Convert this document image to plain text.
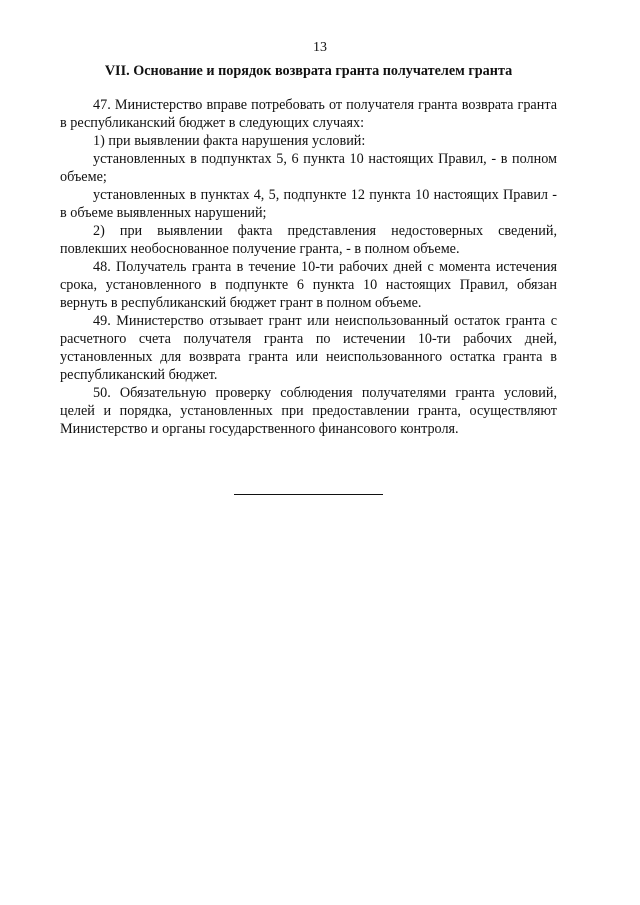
13
VII. Основание и порядок возврата гранта получателем гранта

47. Министерство вправе потребовать от получателя гранта возврата гранта в республиканский бюджет в следующих случаях:

1) при выявлении факта нарушения условий:

установленных в подпунктах 5, 6 пункта 10 настоящих Правил, - в полном объеме;

установленных в пунктах 4, 5, подпункте 12 пункта 10 настоящих Правил - в объеме выявленных нарушений;

2) при выявлении факта представления недостоверных сведений, повлекших необоснованное получение гранта, - в полном объеме.

48. Получатель гранта в течение 10-ти рабочих дней с момента истечения срока, установленного в подпункте 6 пункта 10 настоящих Правил, обязан вернуть в республиканский бюджет грант в полном объеме.

49. Министерство отзывает грант или неиспользованный остаток гранта с расчетного счета получателя гранта по истечении 10-ти рабочих дней, установленных для возврата гранта или неиспользованного остатка гранта в республиканский бюджет.

50. Обязательную проверку соблюдения получателями гранта условий, целей и порядка, установленных при предоставлении гранта, осуществляют Министерство и органы государственного финансового контроля.
